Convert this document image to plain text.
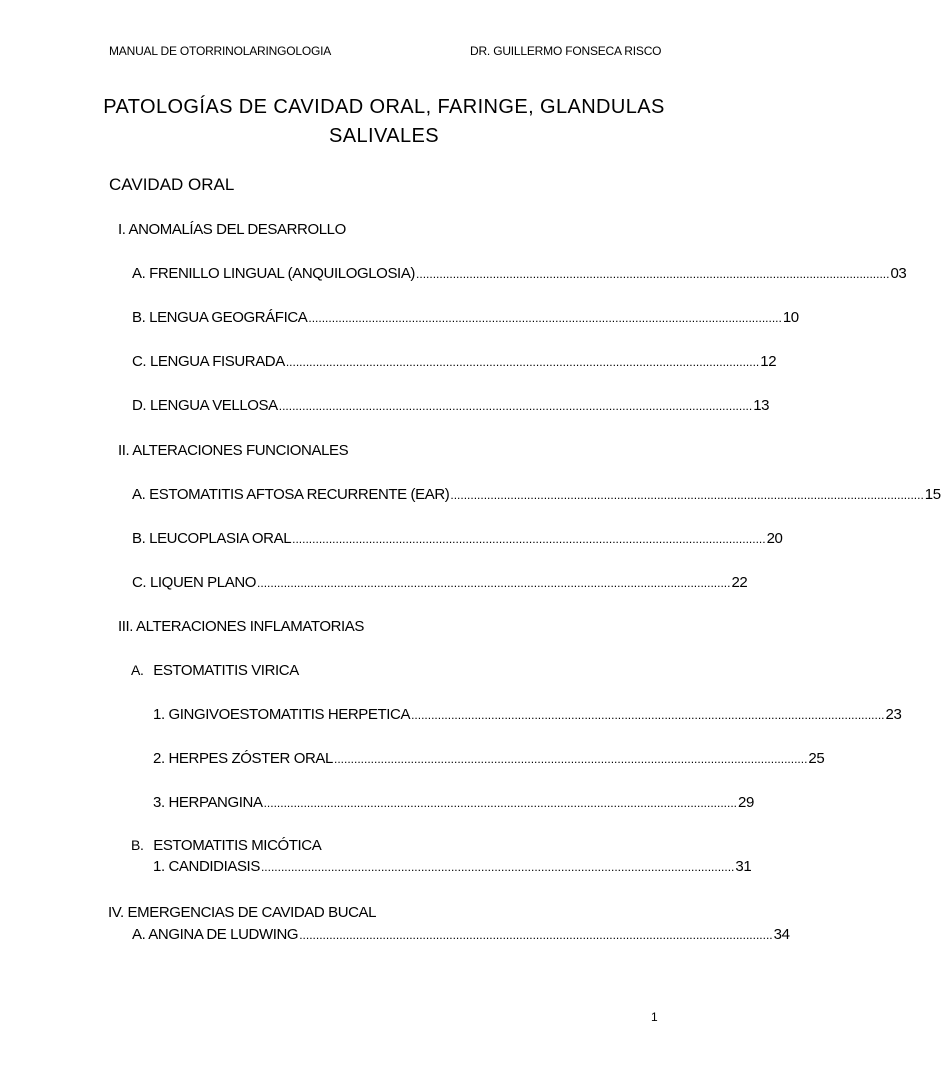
MANUAL DE OTORRINOLARINGOLOGIA	DR. GUILLERMO FONSECA RISCO
PATOLOGÍAS DE CAVIDAD ORAL, FARINGE, GLANDULAS
SALIVALES
CAVIDAD ORAL
I. ANOMALÍAS DEL DESARROLLO
A. FRENILLO LINGUAL (ANQUILOGLOSIA) .............................................................................................................................................. 03
B. LENGUA GEOGRÁFICA .............................................................................................................................................. 10
C. LENGUA FISURADA .............................................................................................................................................. 12
D. LENGUA VELLOSA .............................................................................................................................................. 13
II. ALTERACIONES FUNCIONALES
A. ESTOMATITIS AFTOSA RECURRENTE (EAR) .............................................................................................................................................. 15
B. LEUCOPLASIA ORAL .............................................................................................................................................. 20
C. LIQUEN PLANO .............................................................................................................................................. 22
III. ALTERACIONES INFLAMATORIAS
A. ESTOMATITIS VIRICA
1. GINGIVOESTOMATITIS HERPETICA .............................................................................................................................................. 23
2. HERPES ZÓSTER ORAL .............................................................................................................................................. 25
3. HERPANGINA .............................................................................................................................................. 29
B. ESTOMATITIS MICÓTICA
1. CANDIDIASIS .............................................................................................................................................. 31
IV. EMERGENCIAS DE CAVIDAD BUCAL
A. ANGINA DE LUDWING .............................................................................................................................................. 34
1
